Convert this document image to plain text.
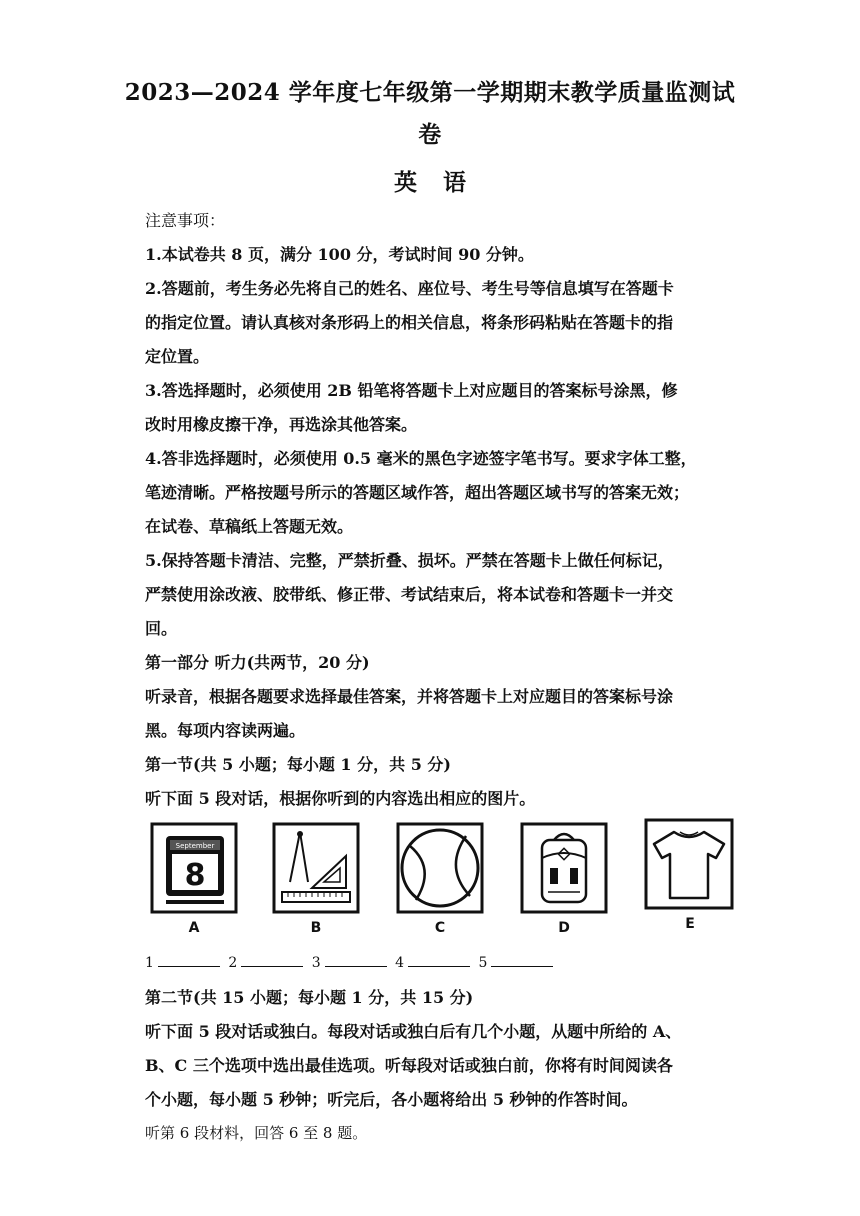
2023—2024 学年度七年级第一学期期末教学质量监测试
卷
英语
注意事项：
1.本试卷共 8 页，满分 100 分，考试时间 90 分钟。
2.答题前，考生务必先将自己的姓名、座位号、考生号等信息填写在答题卡
的指定位置。请认真核对条形码上的相关信息，将条形码粘贴在答题卡的指
定位置。
3.答选择题时，必须使用 2B 铅笔将答题卡上对应题目的答案标号涂黑，修
改时用橡皮擦干净，再选涂其他答案。
4.答非选择题时，必须使用 0.5 毫米的黑色字迹签字笔书写。要求字体工整，
笔迹清晰。严格按题号所示的答题区域作答，超出答题区域书写的答案无效；
在试卷、草稿纸上答题无效。
5.保持答题卡清洁、完整，严禁折叠、损坏。严禁在答题卡上做任何标记，
严禁使用涂改液、胶带纸、修正带、考试结束后，将本试卷和答题卡一并交
回。
第一部分 听力(共两节，20 分)
听录音，根据各题要求选择最佳答案，并将答题卡上对应题目的答案标号涂
黑。每项内容读两遍。
第一节(共 5 小题；每小题 1 分，共 5 分)
听下面 5 段对话，根据你听到的内容选出相应的图片。
September
8
A	B	C	D	E
1	2	3	4	5
第二节(共 15 小题；每小题 1 分，共 15 分)
听下面 5 段对话或独白。每段对话或独白后有几个小题，从题中所给的 A、
B、C 三个选项中选出最佳选项。听每段对话或独白前，你将有时间阅读各
个小题，每小题 5 秒钟；听完后，各小题将给出 5 秒钟的作答时间。
听第 6 段材料，回答 6 至 8 题。
